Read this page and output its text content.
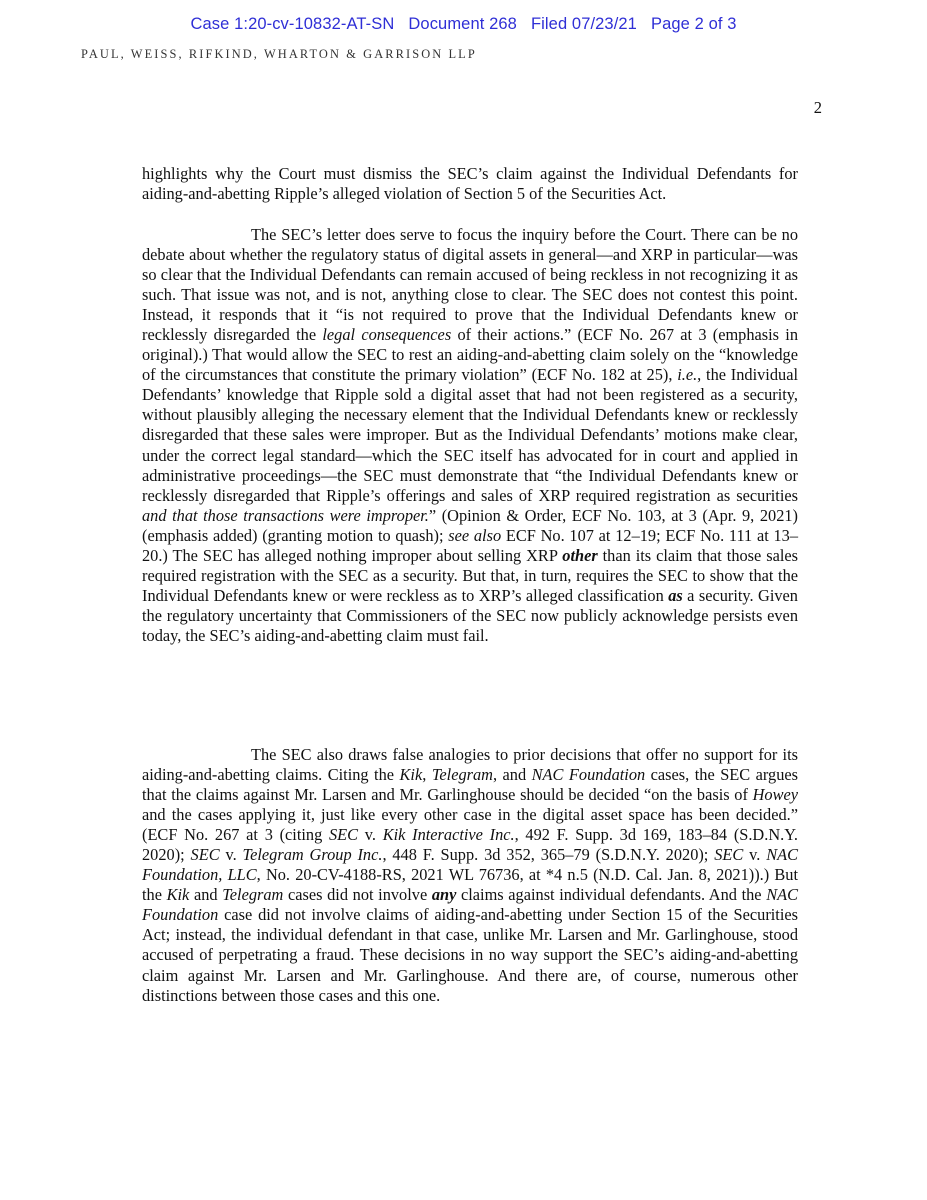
Case 1:20-cv-10832-AT-SN   Document 268   Filed 07/23/21   Page 2 of 3
PAUL, WEISS, RIFKIND, WHARTON & GARRISON LLP
2

highlights why the Court must dismiss the SEC’s claim against the Individual Defendants for aiding-and-abetting Ripple’s alleged violation of Section 5 of the Securities Act.

The SEC’s letter does serve to focus the inquiry before the Court. There can be no debate about whether the regulatory status of digital assets in general—and XRP in particular—was so clear that the Individual Defendants can remain accused of being reckless in not recognizing it as such. That issue was not, and is not, anything close to clear. The SEC does not contest this point. Instead, it responds that it “is not required to prove that the Individual Defendants knew or recklessly disregarded the legal consequences of their actions.” (ECF No. 267 at 3 (emphasis in original).) That would allow the SEC to rest an aiding-and-abetting claim solely on the “knowledge of the circumstances that constitute the primary violation” (ECF No. 182 at 25), i.e., the Individual Defendants’ knowledge that Ripple sold a digital asset that had not been registered as a security, without plausibly alleging the necessary element that the Individual Defendants knew or recklessly disregarded that these sales were improper. But as the Individual Defendants’ motions make clear, under the correct legal standard—which the SEC itself has advocated for in court and applied in administrative proceedings—the SEC must demonstrate that “the Individual Defendants knew or recklessly disregarded that Ripple’s offerings and sales of XRP required registration as securities and that those transactions were improper.” (Opinion & Order, ECF No. 103, at 3 (Apr. 9, 2021) (emphasis added) (granting motion to quash); see also ECF No. 107 at 12–19; ECF No. 111 at 13–20.) The SEC has alleged nothing improper about selling XRP other than its claim that those sales required registration with the SEC as a security. But that, in turn, requires the SEC to show that the Individual Defendants knew or were reckless as to XRP’s alleged classification as a security. Given the regulatory uncertainty that Commissioners of the SEC now publicly acknowledge persists even today, the SEC’s aiding-and-abetting claim must fail.

The SEC also draws false analogies to prior decisions that offer no support for its aiding-and-abetting claims. Citing the Kik, Telegram, and NAC Foundation cases, the SEC argues that the claims against Mr. Larsen and Mr. Garlinghouse should be decided “on the basis of Howey and the cases applying it, just like every other case in the digital asset space has been decided.” (ECF No. 267 at 3 (citing SEC v. Kik Interactive Inc., 492 F. Supp. 3d 169, 183–84 (S.D.N.Y. 2020); SEC v. Telegram Group Inc., 448 F. Supp. 3d 352, 365–79 (S.D.N.Y. 2020); SEC v. NAC Foundation, LLC, No. 20-CV-4188-RS, 2021 WL 76736, at *4 n.5 (N.D. Cal. Jan. 8, 2021)).) But the Kik and Telegram cases did not involve any claims against individual defendants. And the NAC Foundation case did not involve claims of aiding-and-abetting under Section 15 of the Securities Act; instead, the individual defendant in that case, unlike Mr. Larsen and Mr. Garlinghouse, stood accused of perpetrating a fraud. These decisions in no way support the SEC’s aiding-and-abetting claim against Mr. Larsen and Mr. Garlinghouse. And there are, of course, numerous other distinctions between those cases and this one.
